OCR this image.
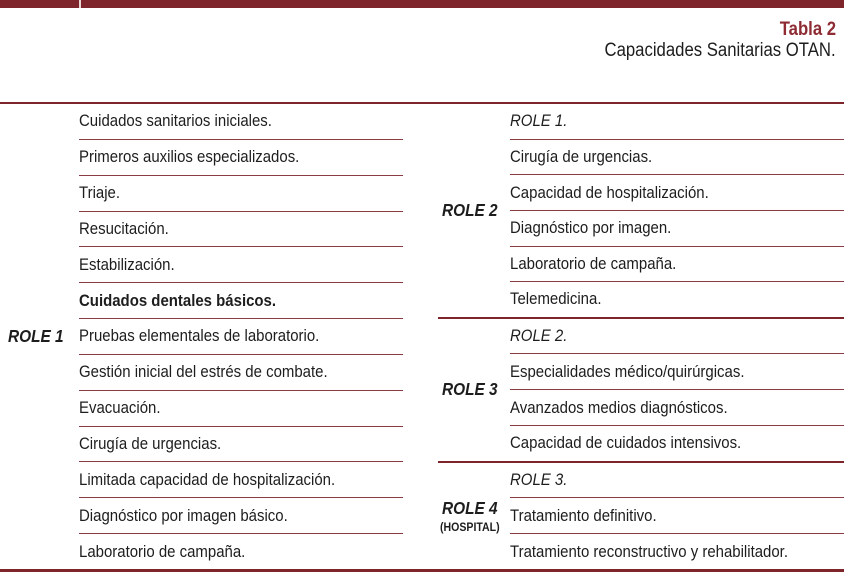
Tabla 2
Capacidades Sanitarias OTAN.
ROLE 1
Cuidados sanitarios iniciales.
Primeros auxilios especializados.
Triaje.
Resucitación.
Estabilización.
Cuidados dentales básicos.
Pruebas elementales de laboratorio.
Gestión inicial del estrés de combate.
Evacuación.
Cirugía de urgencias.
Limitada capacidad de hospitalización.
Diagnóstico por imagen básico.
Laboratorio de campaña.
ROLE 2
ROLE 1.
Cirugía de urgencias.
Capacidad de hospitalización.
Diagnóstico por imagen.
Laboratorio de campaña.
Telemedicina.
ROLE 3
ROLE 2.
Especialidades médico/quirúrgicas.
Avanzados medios diagnósticos.
Capacidad de cuidados intensivos.
ROLE 4
(HOSPITAL)
ROLE 3.
Tratamiento definitivo.
Tratamiento reconstructivo y rehabilitador.
